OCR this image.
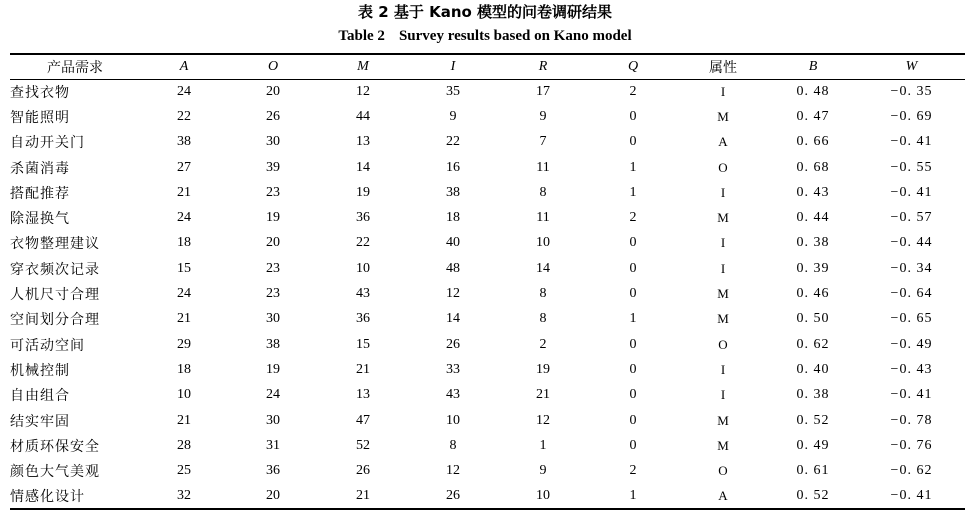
表 2 基于 Kano 模型的问卷调研结果
Table 2 Survey results based on Kano model
产品需求	A	O	M	I	R	Q	属性	B	W
查找衣物	24	20	12	35	17	2	I	0. 48	−0. 35
智能照明	22	26	44	9	9	0	M	0. 47	−0. 69
自动开关门	38	30	13	22	7	0	A	0. 66	−0. 41
杀菌消毒	27	39	14	16	11	1	O	0. 68	−0. 55
搭配推荐	21	23	19	38	8	1	I	0. 43	−0. 41
除湿换气	24	19	36	18	11	2	M	0. 44	−0. 57
衣物整理建议	18	20	22	40	10	0	I	0. 38	−0. 44
穿衣频次记录	15	23	10	48	14	0	I	0. 39	−0. 34
人机尺寸合理	24	23	43	12	8	0	M	0. 46	−0. 64
空间划分合理	21	30	36	14	8	1	M	0. 50	−0. 65
可活动空间	29	38	15	26	2	0	O	0. 62	−0. 49
机械控制	18	19	21	33	19	0	I	0. 40	−0. 43
自由组合	10	24	13	43	21	0	I	0. 38	−0. 41
结实牢固	21	30	47	10	12	0	M	0. 52	−0. 78
材质环保安全	28	31	52	8	1	0	M	0. 49	−0. 76
颜色大气美观	25	36	26	12	9	2	O	0. 61	−0. 62
情感化设计	32	20	21	26	10	1	A	0. 52	−0. 41
